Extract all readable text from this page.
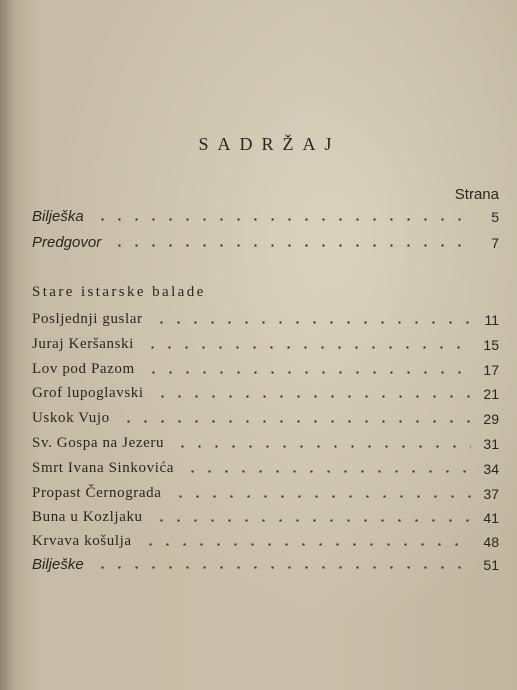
SADRŽAJ
Strana
Bilješka	5
Predgovor	7
Stare istarske balade
Posljednji guslar	11
Juraj Keršanski	15
Lov pod Pazom	17
Grof lupoglavski	21
Uskok Vujo	29
Sv. Gospa na Jezeru	31
Smrt Ivana Sinkovića	34
Propast Černograda	37
Buna u Kozljaku	41
Krvava košulja	48
Bilješke	51
